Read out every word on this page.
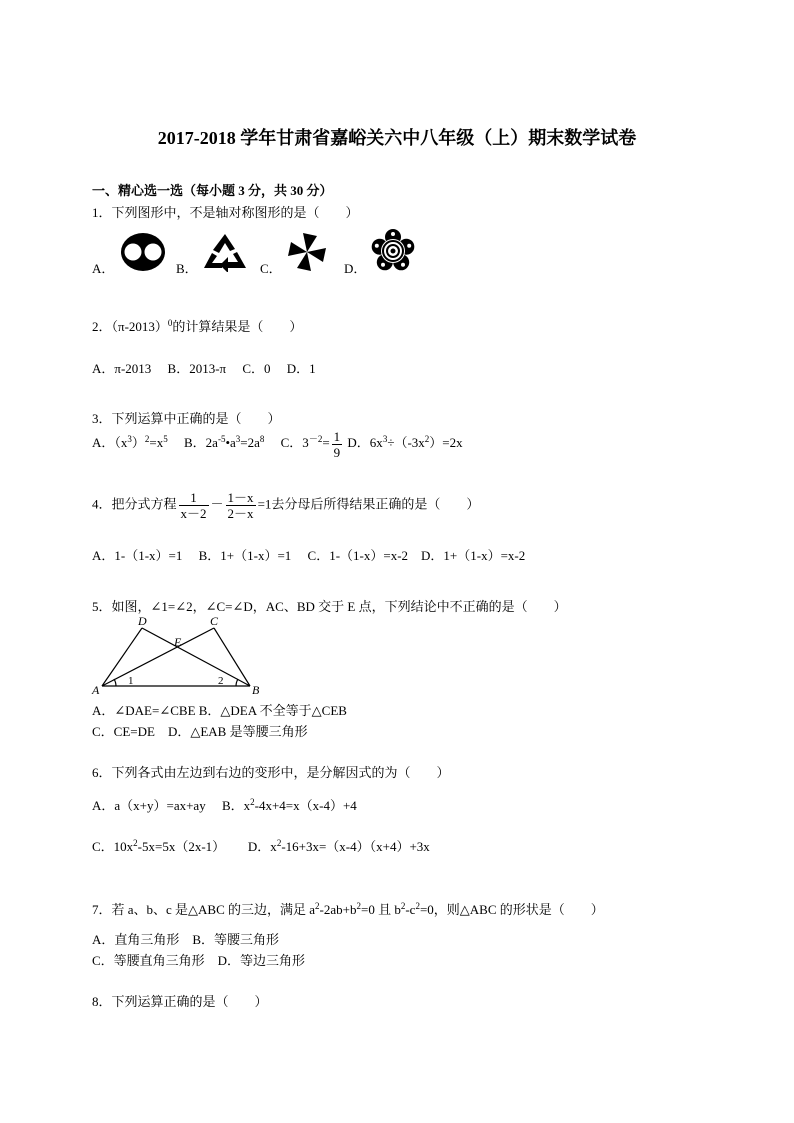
2017-2018 学年甘肃省嘉峪关六中八年级（上）期末数学试卷
一、精心选一选（每小题 3 分，共 30 分）
1．下列图形中，不是轴对称图形的是（　　）
A．	B．	C．	D．
2．$(\pi-2013)^0$的计算结果是（　　）
A．π-2013　 B．2013-π　 C．0　 D．1
3．下列运算中正确的是（　　）
A．$(x^3)^2=x^5$ 　B．$2a^{-5}•a^3=2a^8$ 　C．$3^{-2}= \frac{1}{9}$ D．$6x^3\div(-3x^2)=2x$
4．把分式方程 $\frac{1}{x-2} - \frac{1-x}{2-x} =1$去分母后所得结果正确的是（　　）
A．1-（1-x）=1　 B．1+（1-x）=1　 C．1-（1-x）=x-2　D．1+（1-x）=x-2
5．如图，∠1=∠2，∠C=∠D，AC、BD 交于 E 点，下列结论中不正确的是（　　）
A	B
D	C
E
1	2
A．∠DAE=∠CBE B．△DEA 不全等于△CEB
C．CE=DE　D．△EAB 是等腰三角形
6．下列各式由左边到右边的变形中，是分解因式的为（　　）
A．a（x+y）=ax+ay　 B．$x^2-4x+4=x(x-4)+4$
C．$10x^2-5x=5x(2x-1)$　　 D．$x^2-16+3x=(x-4)(x+4)+3x$
7．若 a、b、c 是△ABC 的三边，满足 $a^2-2ab+b^2=0$ 且 $b^2-c^2=0$，则△ABC 的形状是（　　）
A．直角三角形　B．等腰三角形
C．等腰直角三角形　D．等边三角形
8．下列运算正确的是（　　）
